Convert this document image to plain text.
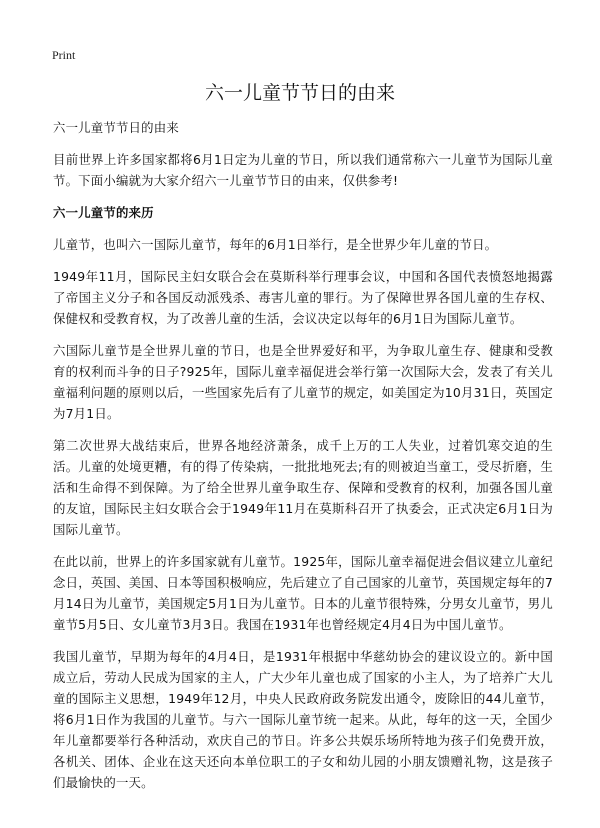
Print
六一儿童节节日的由来

六一儿童节节日的由来

目前世界上许多国家都将6月1日定为儿童的节日，所以我们通常称六一儿童节为国际儿童节。下面小编就为大家介绍六一儿童节节日的由来，仅供参考!

六一儿童节的来历

儿童节，也叫六一国际儿童节，每年的6月1日举行，是全世界少年儿童的节日。

1949年11月，国际民主妇女联合会在莫斯科举行理事会议，中国和各国代表愤怒地揭露了帝国主义分子和各国反动派残杀、毒害儿童的罪行。为了保障世界各国儿童的生存权、保健权和受教育权，为了改善儿童的生活，会议决定以每年的6月1日为国际儿童节。

六国际儿童节是全世界儿童的节日，也是全世界爱好和平，为争取儿童生存、健康和受教育的权利而斗争的日子?925年，国际儿童幸福促进会举行第一次国际大会，发表了有关儿童福利问题的原则以后，一些国家先后有了儿童节的规定，如美国定为10月31日，英国定为7月1日。

第二次世界大战结束后，世界各地经济萧条，成千上万的工人失业，过着饥寒交迫的生活。儿童的处境更糟，有的得了传染病，一批批地死去;有的则被迫当童工，受尽折磨，生活和生命得不到保障。为了给全世界儿童争取生存、保障和受教育的权利，加强各国儿童的友谊，国际民主妇女联合会于1949年11月在莫斯科召开了执委会，正式决定6月1日为国际儿童节。

在此以前，世界上的许多国家就有儿童节。1925年，国际儿童幸福促进会倡议建立儿童纪念日，英国、美国、日本等国积极响应，先后建立了自己国家的儿童节，英国规定每年的7月14日为儿童节，美国规定5月1日为儿童节。日本的儿童节很特殊，分男女儿童节，男儿童节5月5日、女儿童节3月3日。我国在1931年也曾经规定4月4日为中国儿童节。

我国儿童节，早期为每年的4月4日，是1931年根据中华慈幼协会的建议设立的。新中国成立后，劳动人民成为国家的主人，广大少年儿童也成了国家的小主人，为了培养广大儿童的国际主义思想，1949年12月，中央人民政府政务院发出通令，废除旧的44儿童节，将6月1日作为我国的儿童节。与六一国际儿童节统一起来。从此，每年的这一天，全国少年儿童都要举行各种活动，欢庆自己的节日。许多公共娱乐场所特地为孩子们免费开放，各机关、团体、企业在这天还向本单位职工的子女和幼儿园的小朋友馈赠礼物，这是孩子们最愉快的一天。
